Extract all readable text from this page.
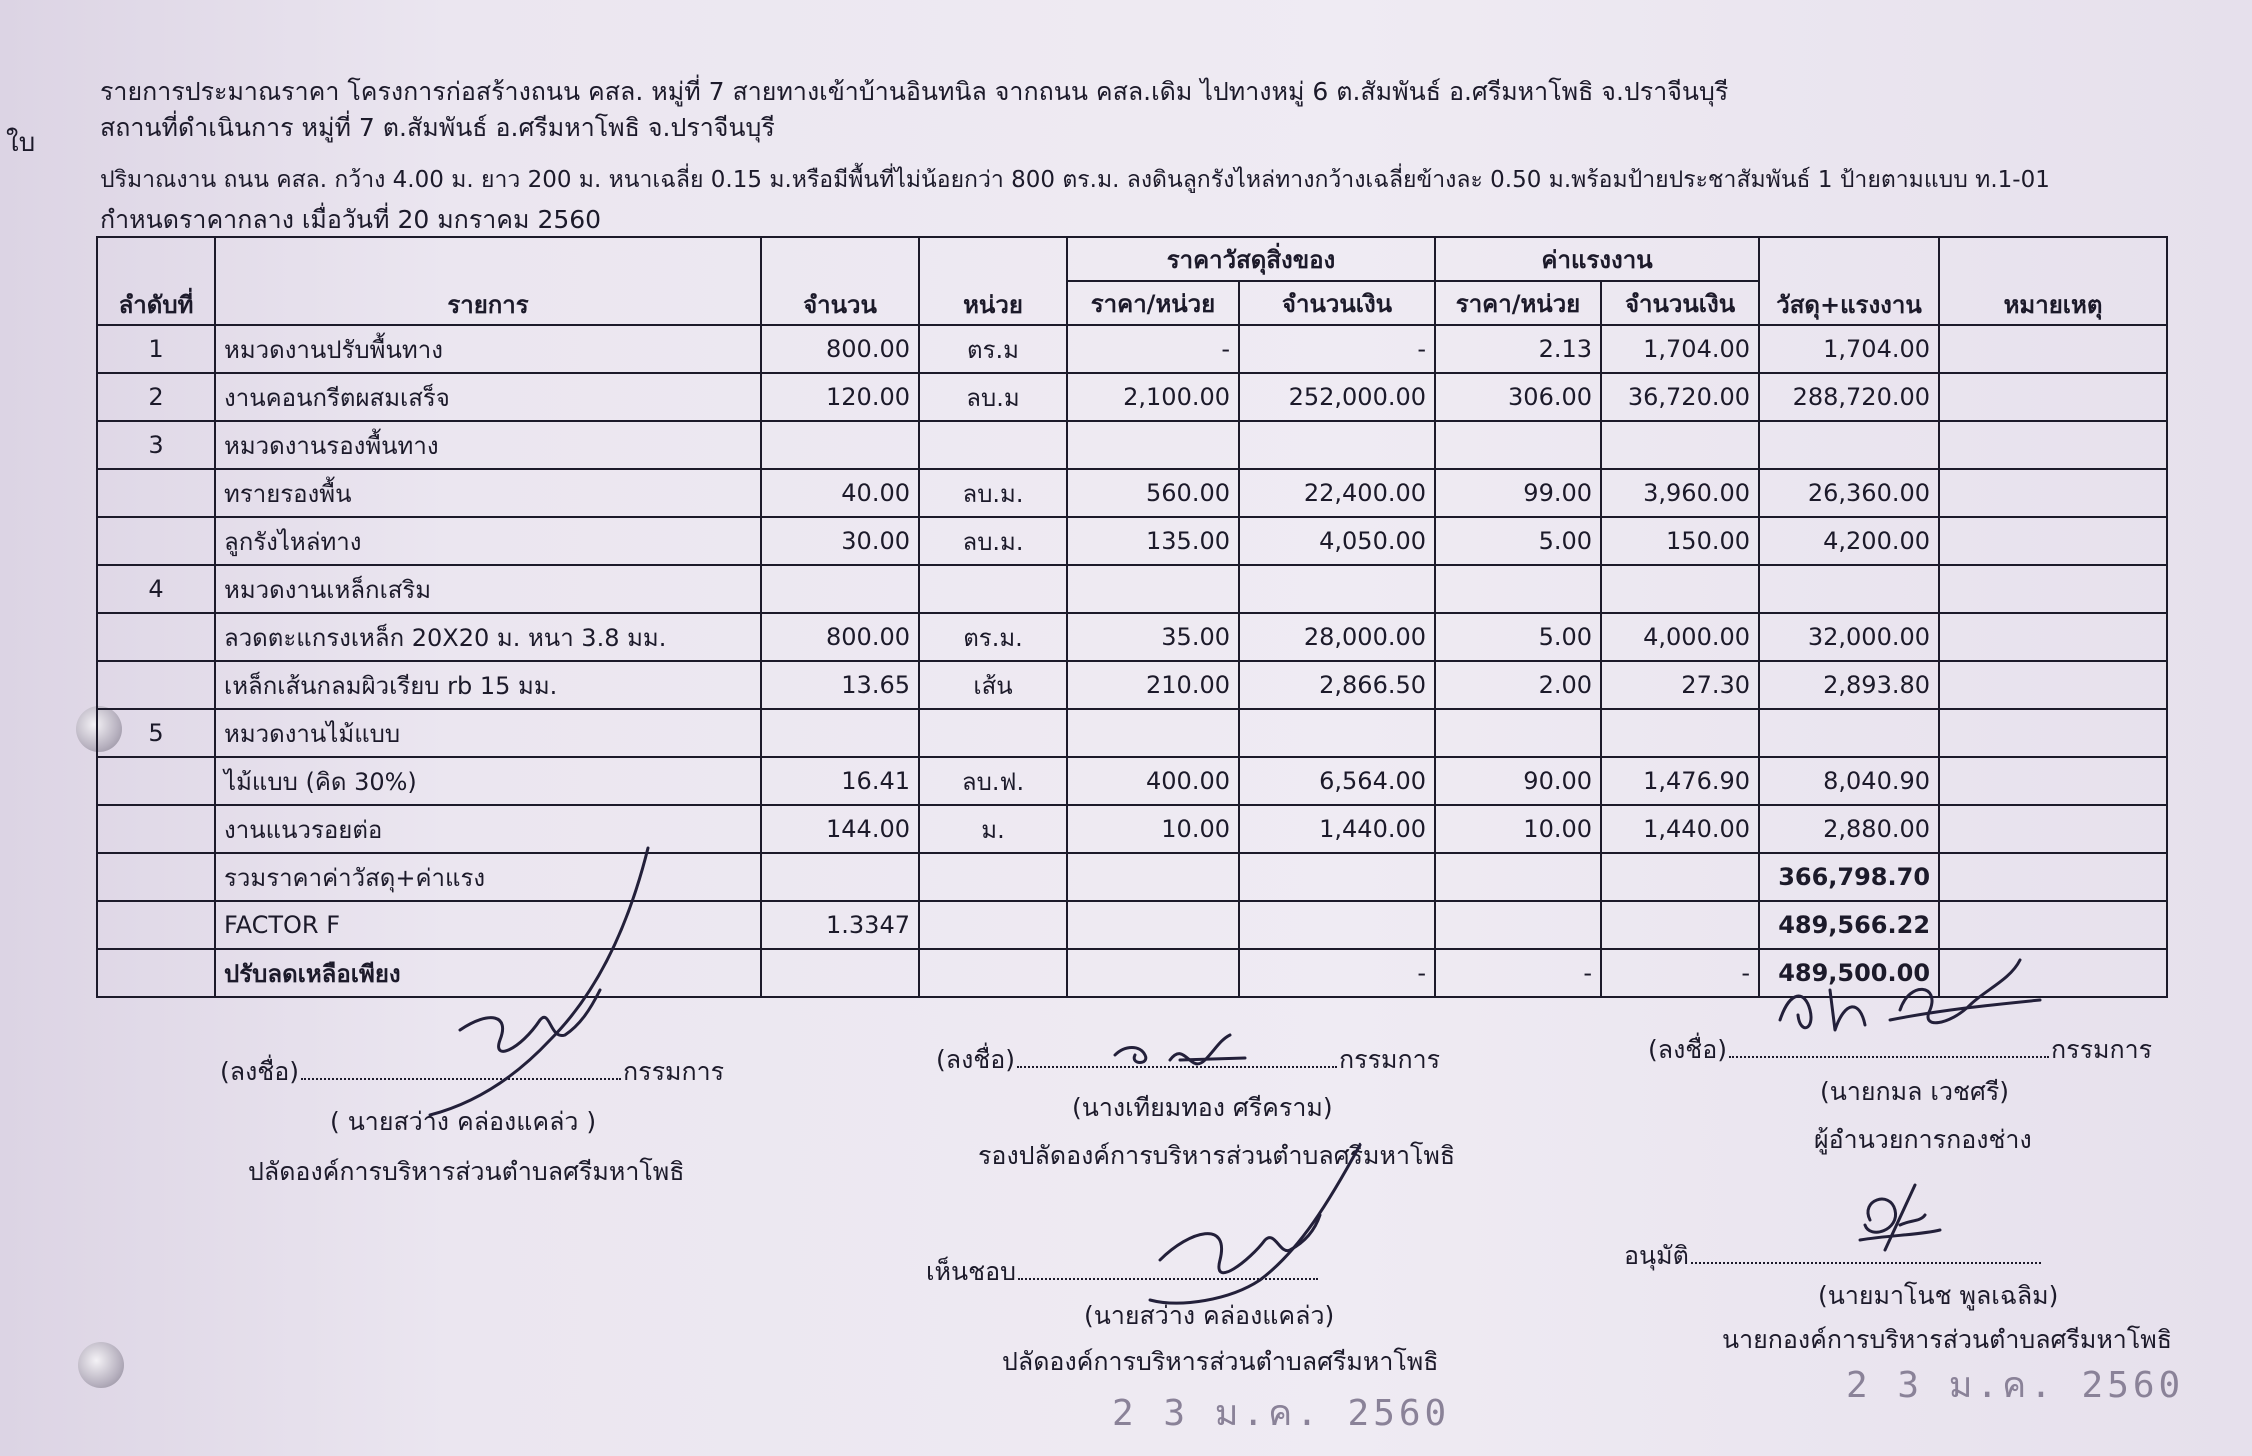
ใบ
รายการประมาณราคา โครงการก่อสร้างถนน คสล. หมู่ที่ 7 สายทางเข้าบ้านอินทนิล จากถนน คสล.เดิม ไปทางหมู่ 6 ต.สัมพันธ์ อ.ศรีมหาโพธิ จ.ปราจีนบุรี
สถานที่ดำเนินการ หมู่ที่ 7 ต.สัมพันธ์ อ.ศรีมหาโพธิ จ.ปราจีนบุรี
ปริมาณงาน ถนน คสล. กว้าง 4.00 ม. ยาว 200 ม. หนาเฉลี่ย 0.15 ม.หรือมีพื้นที่ไม่น้อยกว่า 800 ตร.ม. ลงดินลูกรังไหล่ทางกว้างเฉลี่ยข้างละ 0.50 ม.พร้อมป้ายประชาสัมพันธ์ 1 ป้ายตามแบบ ท.1-01
กำหนดราคากลาง เมื่อวันที่ 20 มกราคม 2560
ลำดับที่	รายการ	จำนวน	หน่วย	ราคาวัสดุสิ่งของ		ค่าแรงงาน		วัสดุ+แรงงาน	หมายเหตุ
				ราคา/หน่วย	จำนวนเงิน	ราคา/หน่วย	จำนวนเงิน		
1	หมวดงานปรับพื้นทาง	800.00	ตร.ม	-	-	2.13	1,704.00	1,704.00	
2	งานคอนกรีตผสมเสร็จ	120.00	ลบ.ม	2,100.00	252,000.00	306.00	36,720.00	288,720.00	
3	หมวดงานรองพื้นทาง								
	ทรายรองพื้น	40.00	ลบ.ม.	560.00	22,400.00	99.00	3,960.00	26,360.00	
	ลูกรังไหล่ทาง	30.00	ลบ.ม.	135.00	4,050.00	5.00	150.00	4,200.00	
4	หมวดงานเหล็กเสริม								
	ลวดตะแกรงเหล็ก 20X20 ม. หนา 3.8 มม.	800.00	ตร.ม.	35.00	28,000.00	5.00	4,000.00	32,000.00	
	เหล็กเส้นกลมผิวเรียบ rb 15 มม.	13.65	เส้น	210.00	2,866.50	2.00	27.30	2,893.80	
5	หมวดงานไม้แบบ								
	ไม้แบบ (คิด 30%)	16.41	ลบ.ฟ.	400.00	6,564.00	90.00	1,476.90	8,040.90	
	งานแนวรอยต่อ	144.00	ม.	10.00	1,440.00	10.00	1,440.00	2,880.00	
	รวมราคาค่าวัสดุ+ค่าแรง							366,798.70	
	FACTOR F	1.3347						489,566.22	
	ปรับลดเหลือเพียง				-	-	-	489,500.00	
(ลงชื่อ)	กรรมการ
( นายสว่าง คล่องแคล่ว )
ปลัดองค์การบริหารส่วนตำบลศรีมหาโพธิ
(ลงชื่อ)	กรรมการ
(นางเทียมทอง ศรีคราม)
รองปลัดองค์การบริหารส่วนตำบลศรีมหาโพธิ
(ลงชื่อ)	กรรมการ
(นายกมล เวชศรี)
ผู้อำนวยการกองช่าง
เห็นชอบ
(นายสว่าง คล่องแคล่ว)
ปลัดองค์การบริหารส่วนตำบลศรีมหาโพธิ
อนุมัติ
(นายมาโนช พูลเฉลิม)
นายกองค์การบริหารส่วนตำบลศรีมหาโพธิ
2 3 ม.ค. 2560
2 3 ม.ค. 2560
